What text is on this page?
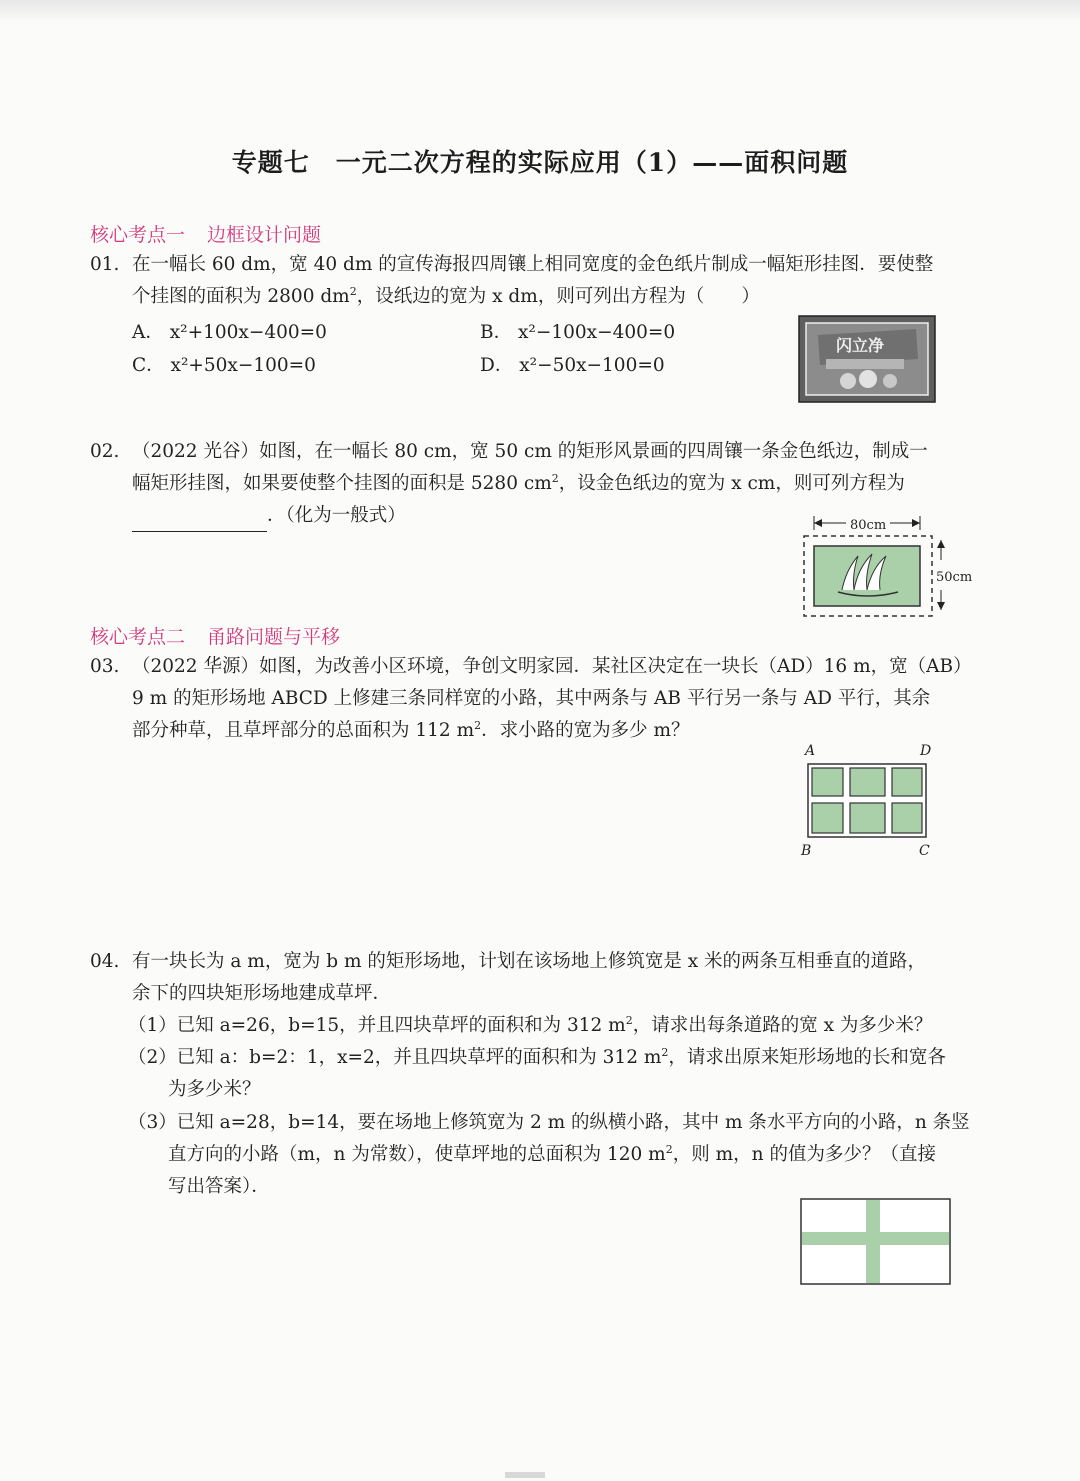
专题七　一元二次方程的实际应用（1）——面积问题
核心考点一 边框设计问题
01. 在一幅长 60 dm，宽 40 dm 的宣传海报四周镶上相同宽度的金色纸片制成一幅矩形挂图．要使整
个挂图的面积为 2800 $dm^2$，设纸边的宽为 x dm，则可列出方程为（　　）
A． x²+100x−400=0	B． x²−100x−400=0
C． x²+50x−100=0	D． x²−50x−100=0
闪立净
02. （2022 光谷）如图，在一幅长 80 cm，宽 50 cm 的矩形风景画的四周镶一条金色纸边，制成一
幅矩形挂图，如果要使整个挂图的面积是 5280 $cm^2$，设金色纸边的宽为 x cm，则可列方程为
．（化为一般式）	80cm
50cm
核心考点二 甬路问题与平移
03. （2022 华源）如图，为改善小区环境，争创文明家园．某社区决定在一块长（AD）16 m，宽（AB）
9 m 的矩形场地 ABCD 上修建三条同样宽的小路，其中两条与 AB 平行另一条与 AD 平行，其余
部分种草，且草坪部分的总面积为 112 $m^2$．求小路的宽为多少 m？
A	D
B	C
04. 有一块长为 a m，宽为 b m 的矩形场地，计划在该场地上修筑宽是 x 米的两条互相垂直的道路，
余下的四块矩形场地建成草坪．
（1）已知 a=26，b=15，并且四块草坪的面积和为 312 $m^2$，请求出每条道路的宽 x 为多少米？
（2）已知 a：b=2：1，x=2，并且四块草坪的面积和为 312 $m^2$，请求出原来矩形场地的长和宽各
为多少米？
（3）已知 a=28，b=14，要在场地上修筑宽为 2 m 的纵横小路，其中 m 条水平方向的小路，n 条竖
直方向的小路（m，n 为常数），使草坪地的总面积为 120 $m^2$，则 m，n 的值为多少？（直接
写出答案）．
